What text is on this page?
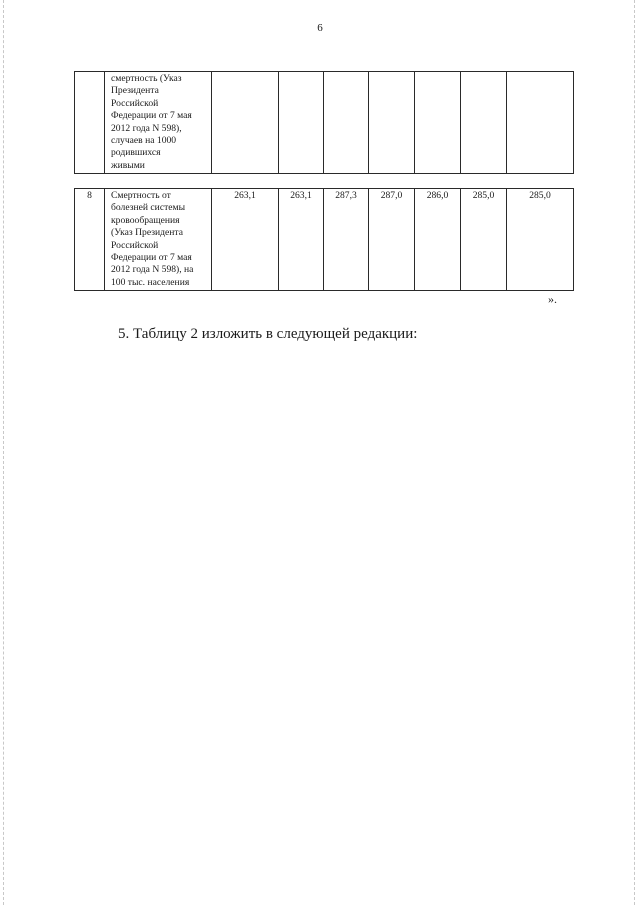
6
	смертность (Указ
Президента
Российской
Федерации от 7 мая
2012 года N 598),
случаев на 1000
родившихся
живыми							
8	Смертность от
болезней системы
кровообращения
(Указ Президента
Российской
Федерации от 7 мая
2012 года N 598), на
100 тыс. населения	263,1	263,1	287,3	287,0	286,0	285,0	285,0
».
5. Таблицу 2 изложить в следующей редакции:
